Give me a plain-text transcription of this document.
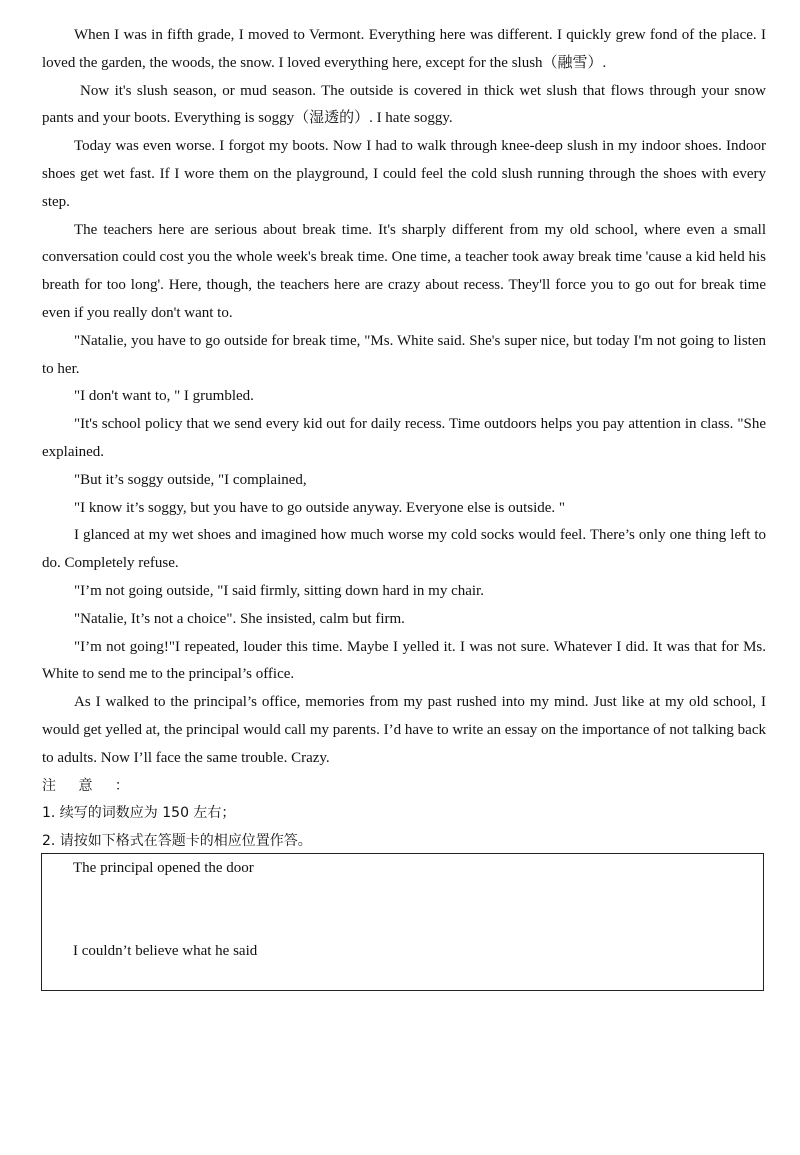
When I was in fifth grade, I moved to Vermont. Everything here was different. I quickly grew fond of the place. I loved the garden, the woods, the snow. I loved everything here, except for the slush（融雪）.

Now it's slush season, or mud season. The outside is covered in thick wet slush that flows through your snow pants and your boots. Everything is soggy（湿透的）. I hate soggy.

Today was even worse. I forgot my boots. Now I had to walk through knee-deep slush in my indoor shoes. Indoor shoes get wet fast. If I wore them on the playground, I could feel the cold slush running through the shoes with every step.

The teachers here are serious about break time. It's sharply different from my old school, where even a small conversation could cost you the whole week's break time. One time, a teacher took away break time 'cause a kid held his breath for too long'. Here, though, the teachers here are crazy about recess. They'll force you to go out for break time even if you really don't want to.

"Natalie, you have to go outside for break time, "Ms. White said. She's super nice, but today I'm not going to listen to her.

"I don't want to, " I grumbled.

"It's school policy that we send every kid out for daily recess. Time outdoors helps you pay attention in class. "She explained.

"But it’s soggy outside, "I complained,

"I know it’s soggy, but you have to go outside anyway. Everyone else is outside. "

I glanced at my wet shoes and imagined how much worse my cold socks would feel. There’s only one thing left to do. Completely refuse.

"I’m not going outside, "I said firmly, sitting down hard in my chair.

"Natalie, It’s not a choice". She insisted, calm but firm.

"I’m not going!"I repeated, louder this time. Maybe I yelled it. I was not sure. Whatever I did. It was that for Ms. White to send me to the principal’s office.

As I walked to the principal’s office, memories from my past rushed into my mind. Just like at my old school, I would get yelled at, the principal would call my parents. I’d have to write an essay on the importance of not talking back to adults. Now I’ll face the same trouble. Crazy.

注 意 ：

1. 续写的词数应为 150 左右；

2. 请按如下格式在答题卡的相应位置作答。

The principal opened the door

I couldn’t believe what he said
